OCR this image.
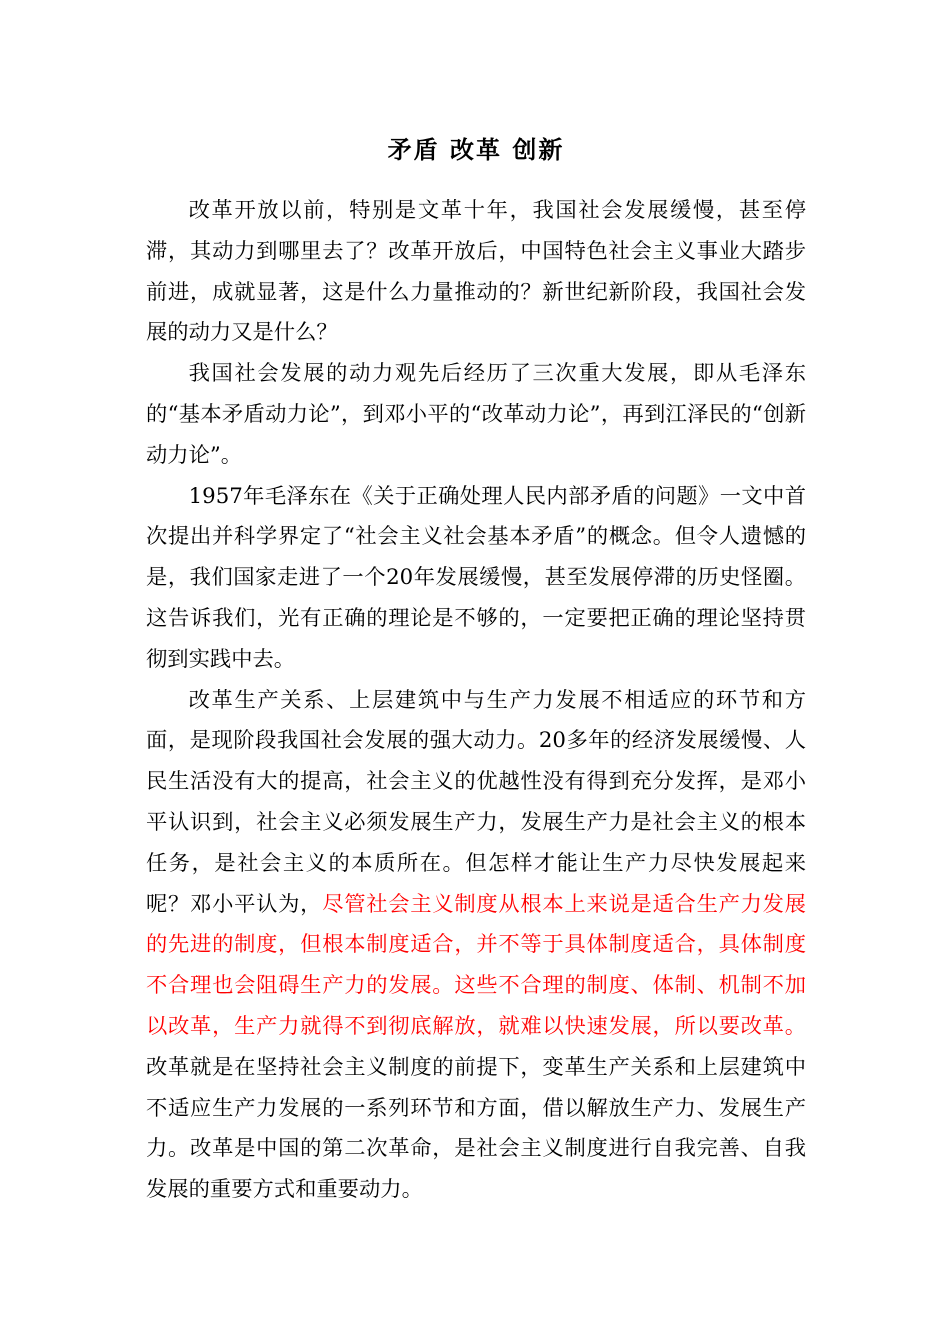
矛盾 改革 创新

改革开放以前，特别是文革十年，我国社会发展缓慢，甚至停滞，其动力到哪里去了？改革开放后，中国特色社会主义事业大踏步前进，成就显著，这是什么力量推动的？新世纪新阶段，我国社会发展的动力又是什么？

我国社会发展的动力观先后经历了三次重大发展，即从毛泽东的“基本矛盾动力论”，到邓小平的“改革动力论”，再到江泽民的“创新动力论”。

1957年毛泽东在《关于正确处理人民内部矛盾的问题》一文中首次提出并科学界定了“社会主义社会基本矛盾”的概念。但令人遗憾的是，我们国家走进了一个20年发展缓慢，甚至发展停滞的历史怪圈。这告诉我们，光有正确的理论是不够的，一定要把正确的理论坚持贯彻到实践中去。

改革生产关系、上层建筑中与生产力发展不相适应的环节和方面，是现阶段我国社会发展的强大动力。20多年的经济发展缓慢、人民生活没有大的提高，社会主义的优越性没有得到充分发挥，是邓小平认识到，社会主义必须发展生产力，发展生产力是社会主义的根本任务，是社会主义的本质所在。但怎样才能让生产力尽快发展起来呢？邓小平认为，尽管社会主义制度从根本上来说是适合生产力发展的先进的制度，但根本制度适合，并不等于具体制度适合，具体制度不合理也会阻碍生产力的发展。这些不合理的制度、体制、机制不加以改革，生产力就得不到彻底解放，就难以快速发展，所以要改革。改革就是在坚持社会主义制度的前提下，变革生产关系和上层建筑中不适应生产力发展的一系列环节和方面，借以解放生产力、发展生产力。改革是中国的第二次革命，是社会主义制度进行自我完善、自我发展的重要方式和重要动力。
